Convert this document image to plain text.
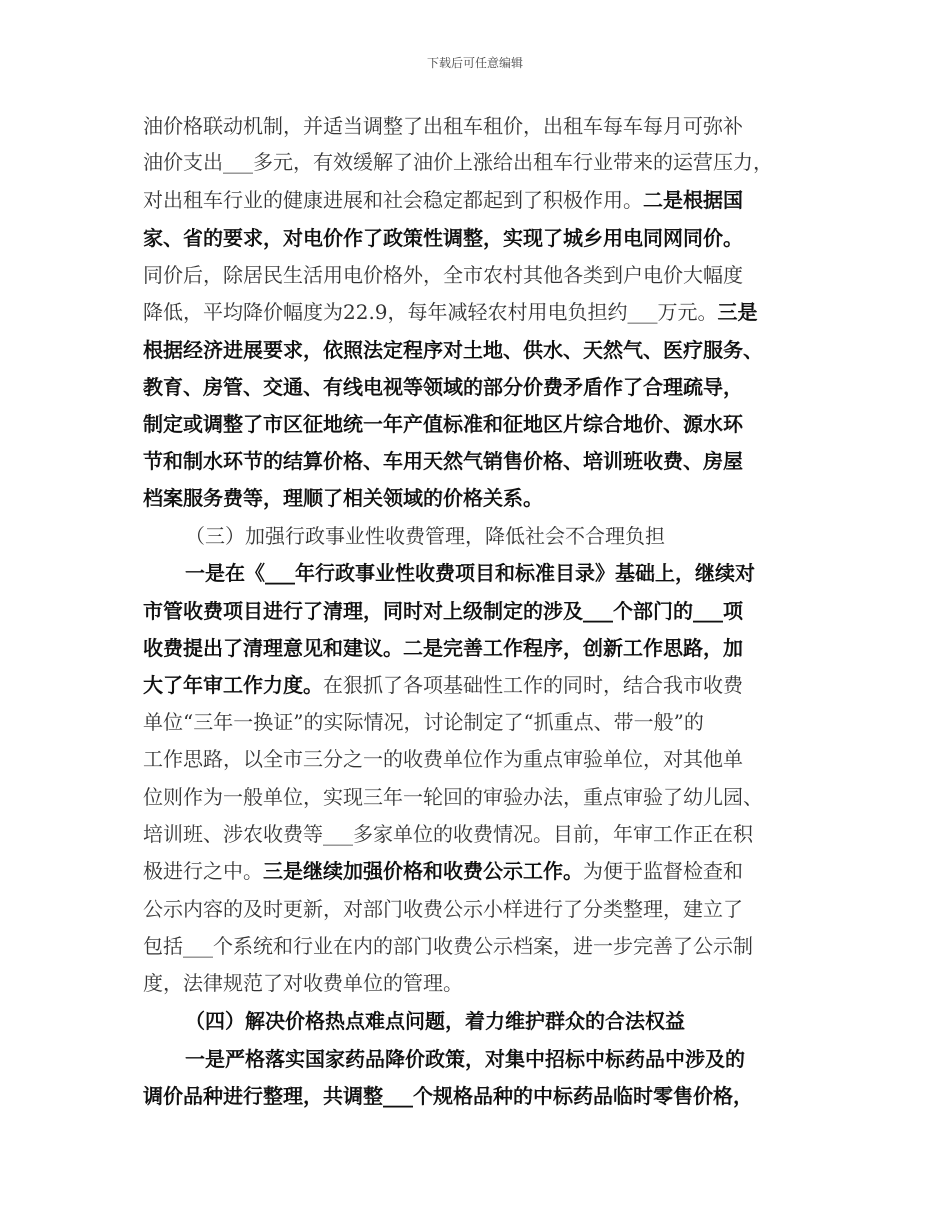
下载后可任意编辑
油价格联动机制，并适当调整了出租车租价，出租车每车每月可弥补
油价支出___多元，有效缓解了油价上涨给出租车行业带来的运营压力，
对出租车行业的健康进展和社会稳定都起到了积极作用。二是根据国
家、省的要求，对电价作了政策性调整，实现了城乡用电同网同价。
同价后，除居民生活用电价格外，全市农村其他各类到户电价大幅度
降低，平均降价幅度为22.9，每年减轻农村用电负担约___万元。三是
根据经济进展要求，依照法定程序对土地、供水、天然气、医疗服务、
教育、房管、交通、有线电视等领域的部分价费矛盾作了合理疏导，
制定或调整了市区征地统一年产值标准和征地区片综合地价、源水环
节和制水环节的结算价格、车用天然气销售价格、培训班收费、房屋
档案服务费等，理顺了相关领域的价格关系。
（三）加强行政事业性收费管理，降低社会不合理负担
一是在《___年行政事业性收费项目和标准目录》基础上，继续对
市管收费项目进行了清理，同时对上级制定的涉及___个部门的___项
收费提出了清理意见和建议。二是完善工作程序，创新工作思路，加
大了年审工作力度。在狠抓了各项基础性工作的同时，结合我市收费
单位“三年一换证”的实际情况，讨论制定了“抓重点、带一般”的
工作思路，以全市三分之一的收费单位作为重点审验单位，对其他单
位则作为一般单位，实现三年一轮回的审验办法，重点审验了幼儿园、
培训班、涉农收费等___多家单位的收费情况。目前，年审工作正在积
极进行之中。三是继续加强价格和收费公示工作。为便于监督检查和
公示内容的及时更新，对部门收费公示小样进行了分类整理，建立了
包括___个系统和行业在内的部门收费公示档案，进一步完善了公示制
度，法律规范了对收费单位的管理。
（四）解决价格热点难点问题，着力维护群众的合法权益
一是严格落实国家药品降价政策，对集中招标中标药品中涉及的
调价品种进行整理，共调整___个规格品种的中标药品临时零售价格，
